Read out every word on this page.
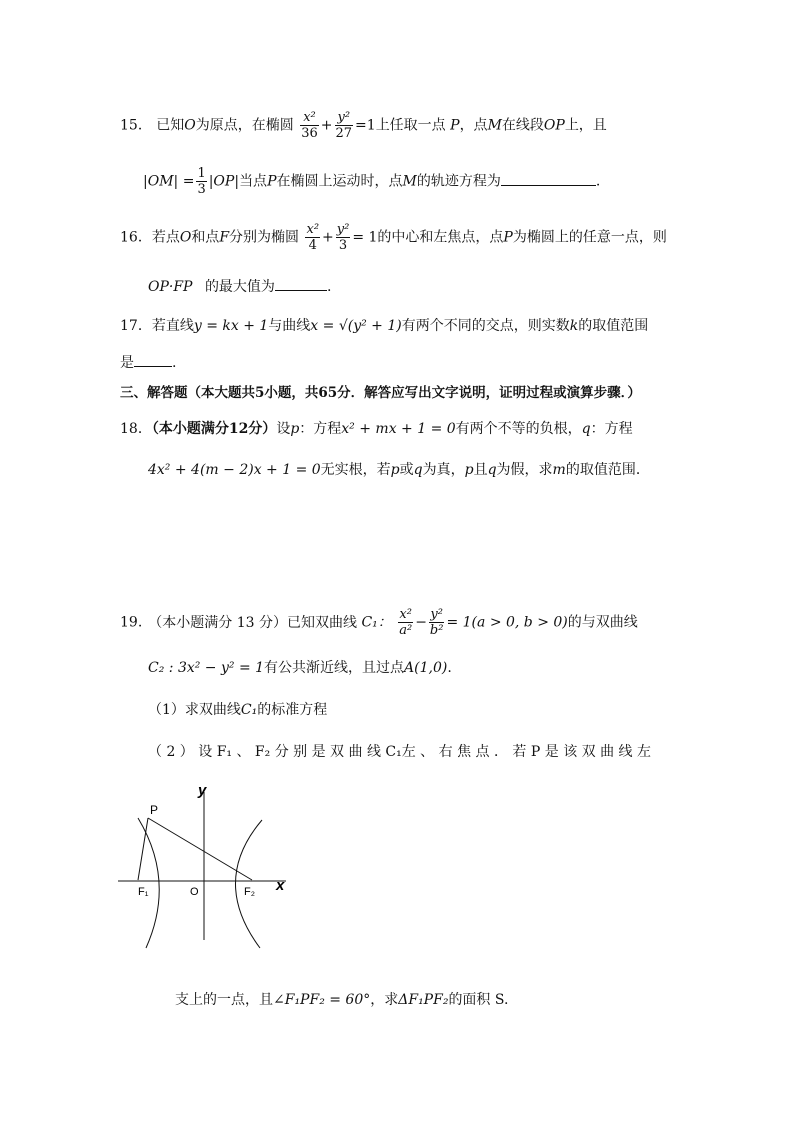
15． 已知O为原点，在椭圆 $\frac{\text{x²}}{36} + \frac{\text{y²}}{27} =1$上任取一点 P，点M在线段OP上，且
$|OM| = \frac{1}{3} |OP|$当点P在椭圆上运动时，点M的轨迹方程为	.
16．若点O和点F分别为椭圆 $\frac{\text{x²}}{4} + \frac{\text{y²}}{3} = 1$的中心和左焦点，点P为椭圆上的任意一点，则
OP·FP 的最大值为	.
17．若直线y = kx + 1与曲线x = √(y² + 1)有两个不同的交点，则实数k的取值范围
是	.
三、解答题（本大题共5小题，共65分．解答应写出文字说明，证明过程或演算步骤．）
18．（本小题满分12分）设p：方程x² + mx + 1 = 0有两个不等的负根，q：方程
4x² + 4(m − 2)x + 1 = 0无实根，若p或q为真，p且q为假，求m的取值范围．
19. （本小题满分 13 分）已知双曲线 C₁： $\frac{\text{x²}}{\text{a²}} - \frac{\text{y²}}{\text{b²}} = 1(a > 0$, b > 0)的与双曲线
C₂ : 3x² − y² = 1有公共渐近线，且过点A(1,0).
（1）求双曲线C₁的标准方程
（ 2 ） 设 F₁ 、 F₂ 分 别 是 双 曲 线 C₁左 、 右 焦 点 ． 若 P 是 该 双 曲 线 左
y
x
P
F₁	O	F₂
支上的一点，且∠F₁PF₂ = 60°，求ΔF₁PF₂的面积 S.
